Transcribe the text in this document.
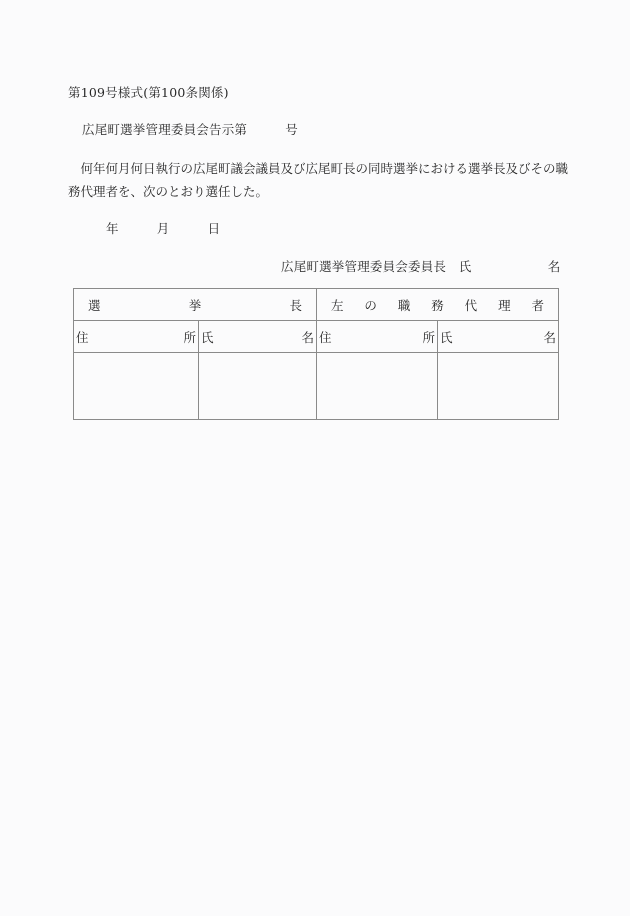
第109号様式(第100条関係)
広尾町選挙管理委員会告示第　　　号
　何年何月何日執行の広尾町議会議員及び広尾町長の同時選挙における選挙長及びその職
務代理者を、次のとおり選任した。
年　　　月　　　日
広尾町選挙管理委員会委員長　氏　　　　　　名
選挙長		左の職務代理者	

住所	氏名	住所	氏名
